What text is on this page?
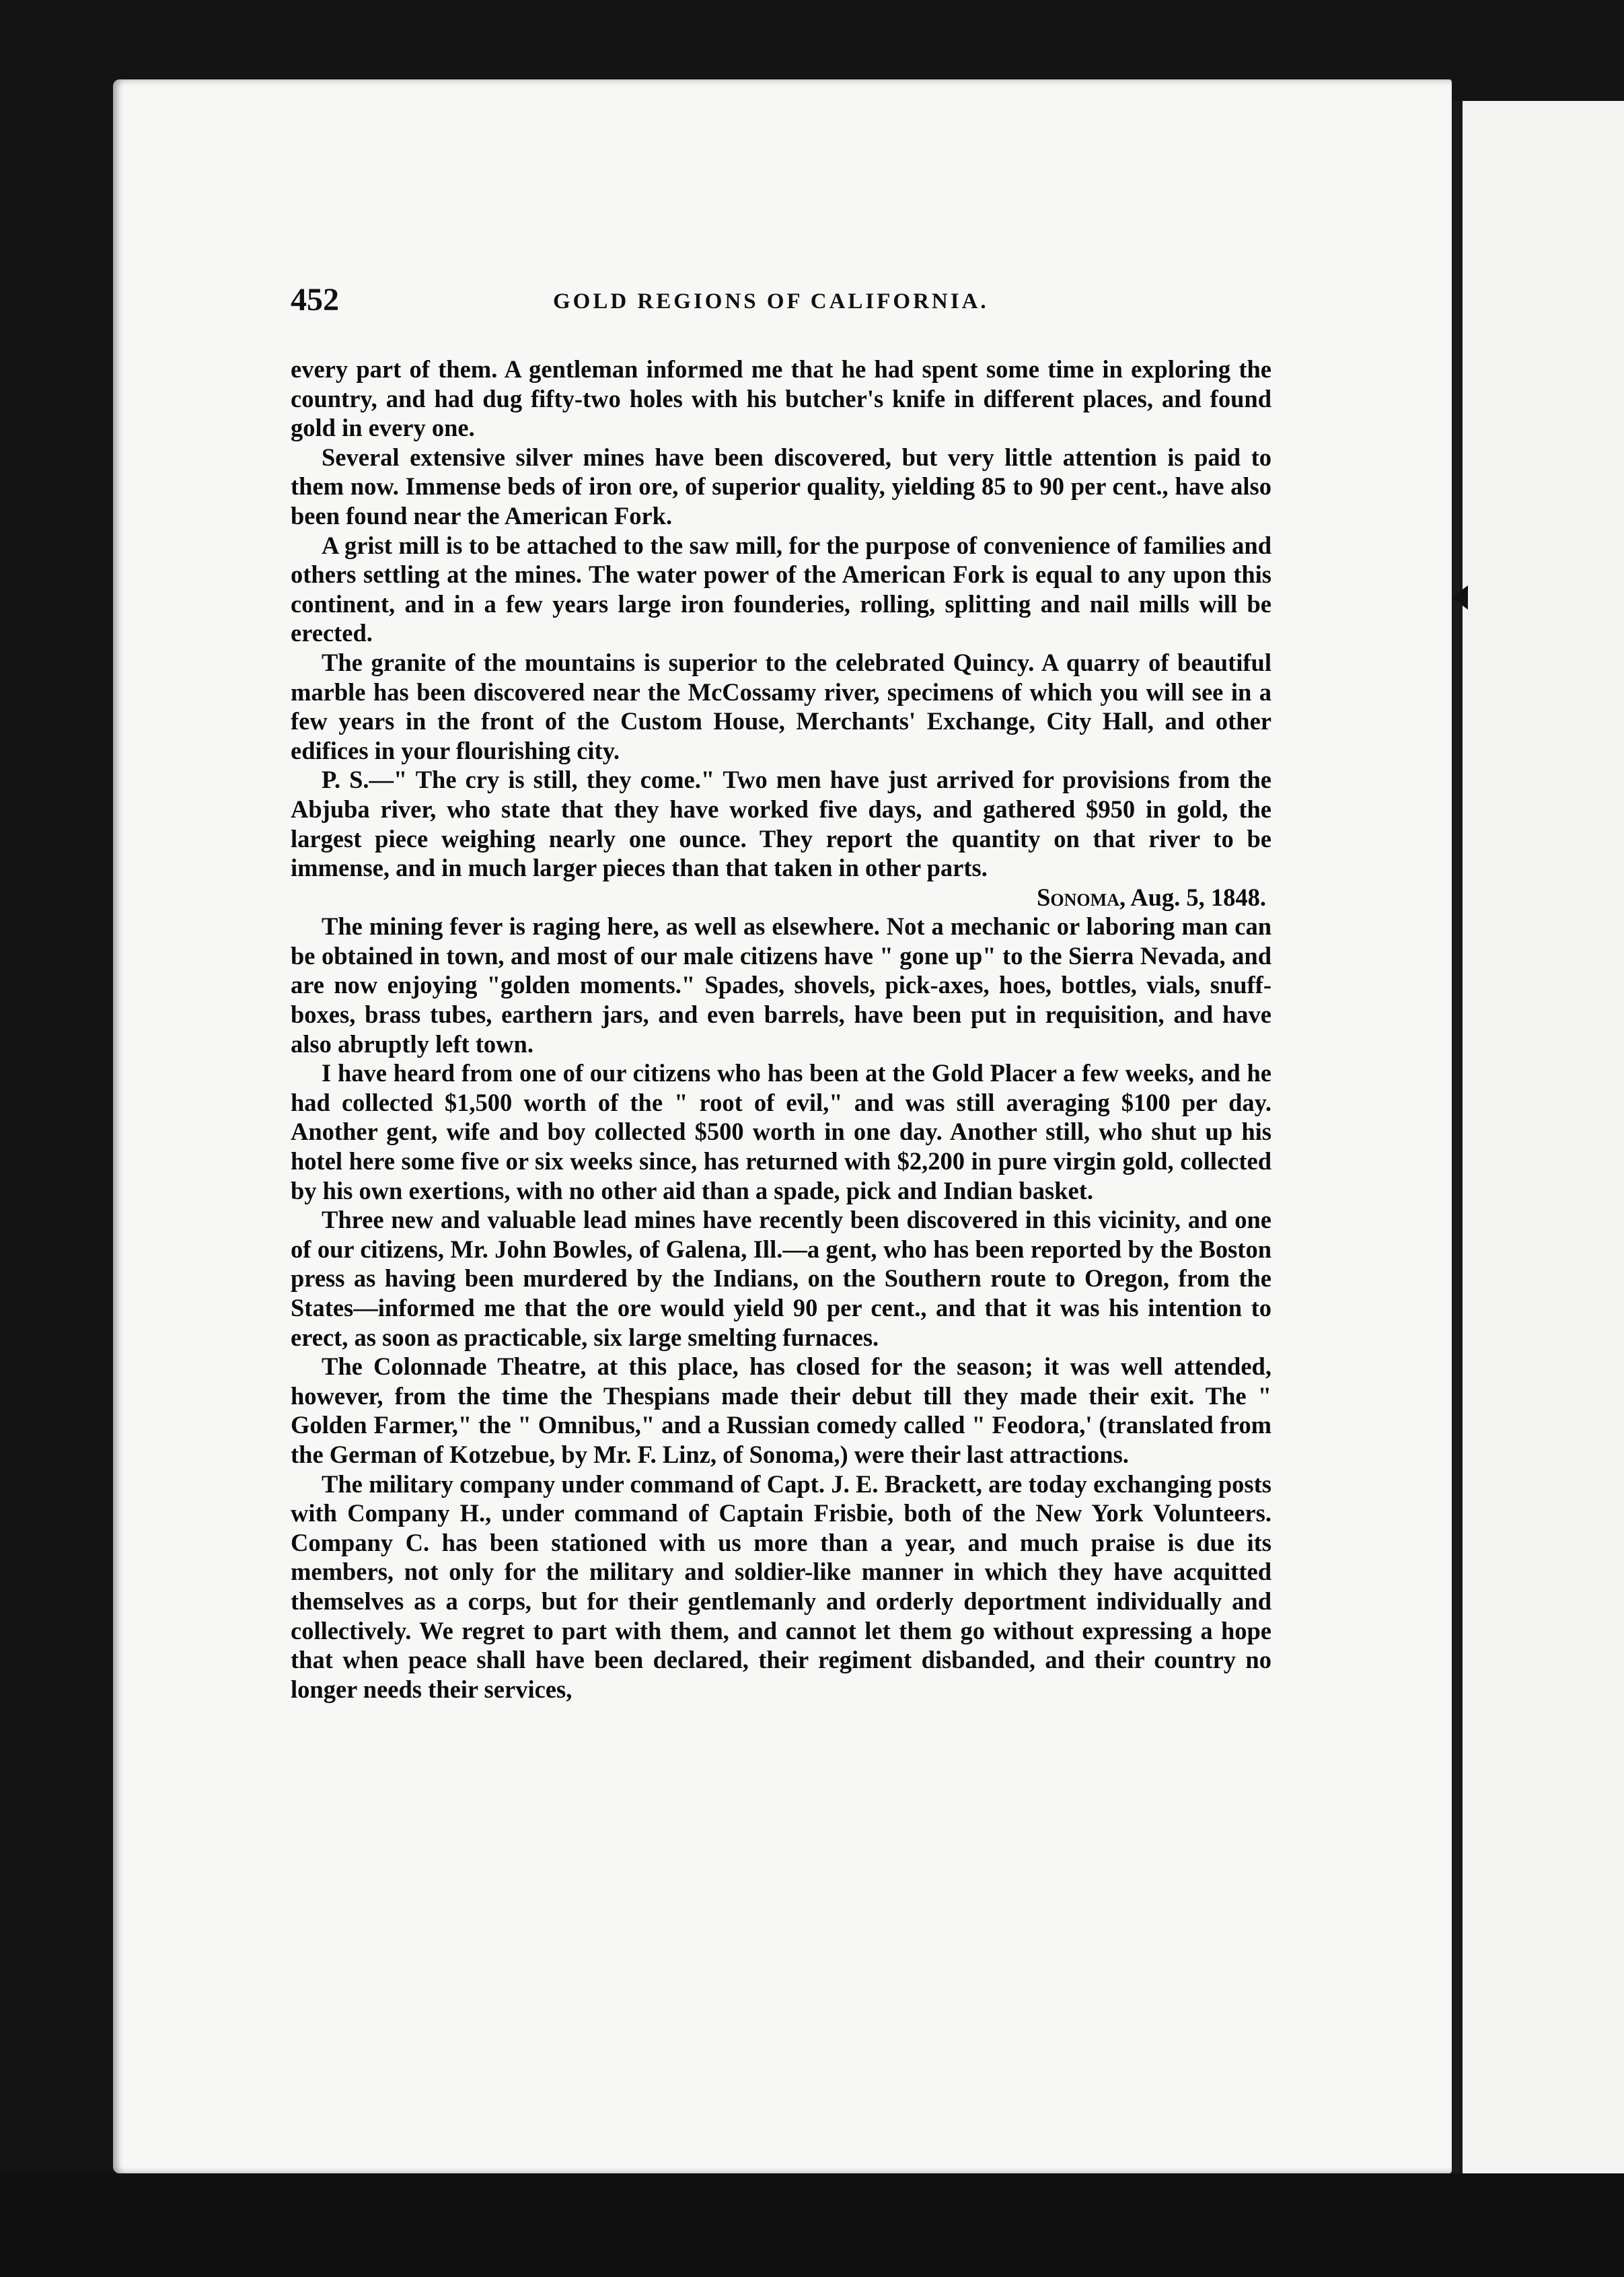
452	GOLD REGIONS OF CALIFORNIA.

every part of them. A gentleman informed me that he had spent some time in exploring the country, and had dug fifty-two holes with his butcher's knife in different places, and found gold in every one.

Several extensive silver mines have been discovered, but very little attention is paid to them now. Immense beds of iron ore, of superior quality, yielding 85 to 90 per cent., have also been found near the American Fork.

A grist mill is to be attached to the saw mill, for the purpose of convenience of families and others settling at the mines. The water power of the American Fork is equal to any upon this continent, and in a few years large iron founderies, rolling, splitting and nail mills will be erected.

The granite of the mountains is superior to the celebrated Quincy. A quarry of beautiful marble has been discovered near the McCossamy river, specimens of which you will see in a few years in the front of the Custom House, Merchants' Exchange, City Hall, and other edifices in your flourishing city.

P. S.—" The cry is still, they come." Two men have just arrived for provisions from the Abjuba river, who state that they have worked five days, and gathered $950 in gold, the largest piece weighing nearly one ounce. They report the quantity on that river to be immense, and in much larger pieces than that taken in other parts.

Sonoma, Aug. 5, 1848.

The mining fever is raging here, as well as elsewhere. Not a mechanic or laboring man can be obtained in town, and most of our male citizens have " gone up" to the Sierra Nevada, and are now enjoying "golden moments." Spades, shovels, pick-axes, hoes, bottles, vials, snuff-boxes, brass tubes, earthern jars, and even barrels, have been put in requisition, and have also abruptly left town.

I have heard from one of our citizens who has been at the Gold Placer a few weeks, and he had collected $1,500 worth of the " root of evil," and was still averaging $100 per day. Another gent, wife and boy collected $500 worth in one day. Another still, who shut up his hotel here some five or six weeks since, has returned with $2,200 in pure virgin gold, collected by his own exertions, with no other aid than a spade, pick and Indian basket.

Three new and valuable lead mines have recently been discovered in this vicinity, and one of our citizens, Mr. John Bowles, of Galena, Ill.—a gent, who has been reported by the Boston press as having been murdered by the Indians, on the Southern route to Oregon, from the States—informed me that the ore would yield 90 per cent., and that it was his intention to erect, as soon as practicable, six large smelting furnaces.

The Colonnade Theatre, at this place, has closed for the season; it was well attended, however, from the time the Thespians made their debut till they made their exit. The " Golden Farmer," the " Omnibus," and a Russian comedy called " Feodora,' (translated from the German of Kotzebue, by Mr. F. Linz, of Sonoma,) were their last attractions.

The military company under command of Capt. J. E. Brackett, are today exchanging posts with Company H., under command of Captain Frisbie, both of the New York Volunteers. Company C. has been stationed with us more than a year, and much praise is due its members, not only for the military and soldier-like manner in which they have acquitted themselves as a corps, but for their gentlemanly and orderly deportment individually and collectively. We regret to part with them, and cannot let them go without expressing a hope that when peace shall have been declared, their regiment disbanded, and their country no longer needs their services,
